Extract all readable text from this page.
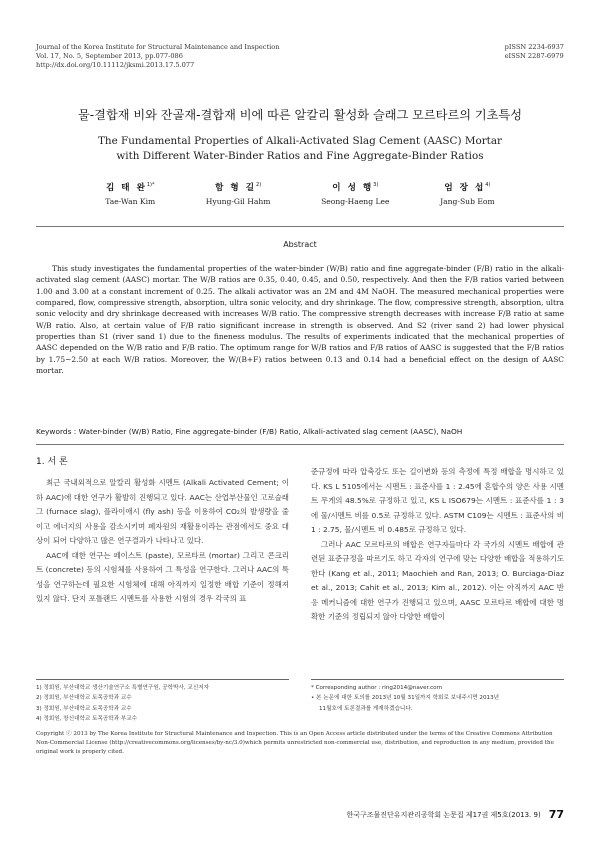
Journal of the Korea Institute for Structural Maintenance and Inspection
Vol. 17, No. 5, September 2013, pp.077-086
http://dx.doi.org/10.11112/jksmi.2013.17.5.077
pISSN 2234-6937
eISSN 2287-6979
물-결합재 비와 잔골재-결합재 비에 따른 알칼리 활성화 슬래그 모르타르의 기초특성
The Fundamental Properties of Alkali-Activated Slag Cement (AASC) Mortar
with Different Water-Binder Ratios and Fine Aggregate-Binder Ratios
김 태 완$^{1)*}$
Tae-Wan Kim
함 형 길$^{2)}$
Hyung-Gil Hahm
이 성 행$^{3)}$
Seong-Haeng Lee
엄 장 섭$^{4)}$
Jang-Sub Eom
Abstract
This study investigates the fundamental properties of the water-binder (W/B) ratio and fine aggregate-binder (F/B) ratio in the alkali-activated slag cement (AASC) mortar. The W/B ratios are 0.35, 0.40, 0.45, and 0.50, respectively. And then the F/B ratios varied between 1.00 and 3.00 at a constant increment of 0.25. The alkali activator was an 2M and 4M NaOH. The measured mechanical properties were compared, flow, compressive strength, absorption, ultra sonic velocity, and dry shrinkage. The flow, compressive strength, absorption, ultra sonic velocity and dry shrinkage decreased with increases W/B ratio. The compressive strength decreases with increase F/B ratio at same W/B ratio. Also, at certain value of F/B ratio significant increase in strength is observed. And S2 (river sand 2) had lower physical properties than S1 (river sand 1) due to the fineness modulus. The results of experiments indicated that the mechanical properties of AASC depended on the W/B ratio and F/B ratio. The optimum range for W/B ratios and F/B ratios of AASC is suggested that the F/B ratios by 1.75~2.50 at each W/B ratios. Moreover, the W/(B+F) ratios between 0.13 and 0.14 had a beneficial effect on the design of AASC mortar.
Keywords : Water-binder (W/B) Ratio, Fine aggregate-binder (F/B) Ratio, Alkali-activated slag cement (AASC), NaOH
1. 서 론

최근 국내외적으로 알칼리 활성화 시멘트 (Alkali Activated Cement; 이하 AAC)에 대한 연구가 활발히 진행되고 있다. AAC는 산업부산물인 고로슬래그 (furnace slag), 플라이애시 (fly ash) 등을 이용하여 CO₂의 발생량을 줄이고 에너지의 사용을 감소시키며 폐자원의 재활용이라는 관점에서도 중요 대상이 되어 다양하고 많은 연구결과가 나타나고 있다.

AAC에 대한 연구는 페이스트 (paste), 모르타르 (mortar) 그리고 콘크리트 (concrete) 등의 시험체를 사용하여 그 특성을 연구한다. 그러나 AAC의 특성을 연구하는데 필요한 시험체에 대해 아직까지 일정한 배합 기준이 정해져 있지 않다. 단지 포틀랜드 시멘트를 사용한 시험의 경우 각국의 표

준규정에 따라 압축강도 또는 길이변화 등의 측정에 특정 배합을 명시하고 있다. KS L 5105에서는 시멘트 : 표준사를 1 : 2.45에 혼합수의 양은 사용 시멘트 무게의 48.5%로 규정하고 있고, KS L ISO679는 시멘트 : 표준사를 1 : 3에 물/시멘트 비를 0.5로 규정하고 있다. ASTM C109는 시멘트 : 표준사의 비 1 : 2.75, 물/시멘트 비 0.485로 규정하고 있다.

그러나 AAC 모르타르의 배합은 연구자들마다 각 국가의 시멘트 배합에 관련된 표준규정을 따르기도 하고 각자의 연구에 맞는 다양한 배합을 적용하기도 한다 (Kang et al., 2011; Maochieh and Ran, 2013; O. Burciaga-Diaz et al., 2013; Cahit et al., 2013; Kim al., 2012). 이는 아직까지 AAC 반응 메커니즘에 대한 연구가 진행되고 있으며, AASC 모르타르 배합에 대한 명확한 기준의 정립되지 않아 다양한 배합이

1) 정회원, 부산대학교 생산기술연구소 특별연구원, 공학박사, 교신저자
2) 정회원, 부산대학교 토목공학과 교수
3) 정회원, 부산대학교 토목공학과 교수
4) 정회원, 창신대학교 토목공학과 부교수
* Corresponding author : ring2014@naver.com
• 본 논문에 대한 토의를 2013년 10월 31일까지 학회로 보내주시면 2013년
11월호에 토론결과를 게재하겠습니다.
Copyright ⓒ 2013 by The Korea Institute for Structural Maintenance and Inspection. This is an Open Access article distributed under the terms of the Creative Commons Attribution Non-Commercial License (http://creativecommons.org/licenses/by-nc/3.0)which permits unrestricted non-commercial use, distribution, and reproduction in any medium, provided the original work is properly cited.
한국구조물진단유지관리공학회 논문집 제17권 제5호(2013. 9) 77
